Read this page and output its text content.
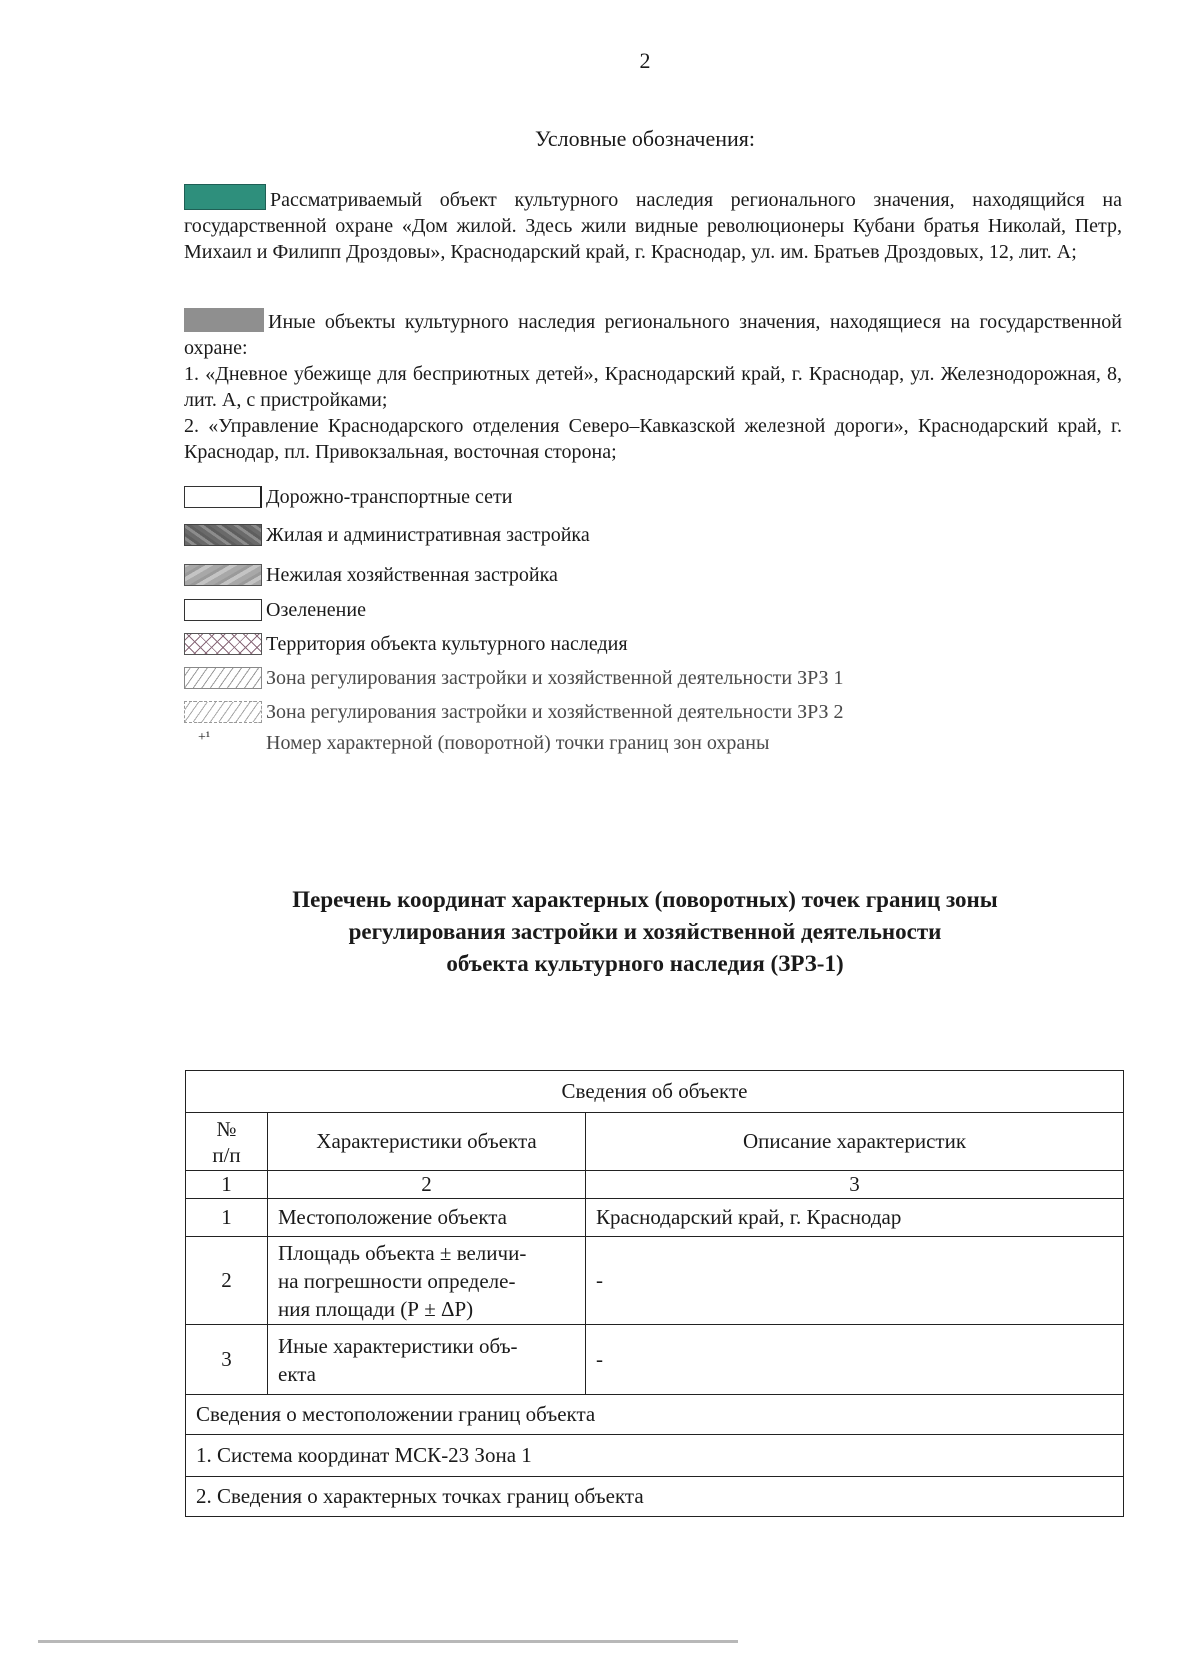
2
Условные обозначения:

Рассматриваемый объект культурного наследия регионального значения, находящийся на государственной охране «Дом жилой. Здесь жили видные революционеры Кубани братья Николай, Петр, Михаил и Филипп Дроздовы», Краснодарский край, г. Краснодар, ул. им. Братьев Дроздовых, 12, лит. А;

Иные объекты культурного наследия регионального значения, находящиеся на государственной охране:

1. «Дневное убежище для бесприютных детей», Краснодарский край, г. Краснодар, ул. Железнодорожная, 8, лит. А, с пристройками;

2. «Управление Краснодарского отделения Северо–Кавказской железной дороги», Краснодарский край, г. Краснодар, пл. Привокзальная, восточная сторона;

Дорожно-транспортные сети
Жилая и административная застройка
Нежилая хозяйственная застройка
Озеленение
Территория объекта культурного наследия
Зона регулирования застройки и хозяйственной деятельности ЗРЗ 1
Зона регулирования застройки и хозяйственной деятельности ЗРЗ 2
+¹	Номер характерной (поворотной) точки границ зон охраны
Перечень координат характерных (поворотных) точек границ зоны
регулирования застройки и хозяйственной деятельности
объекта культурного наследия (ЗРЗ-1)
Сведения об объекте		

№
п/п	Характеристики объекта	Описание характеристик
1	2	3
1	Местоположение объекта	Краснодарский край, г. Краснодар
2	Площадь объекта ± величи-
на погрешности определе-
ния площади (Р ± ΔР)	-
3	Иные характеристики объ-
екта	-
Сведения о местоположении границ объекта		
1. Система координат МСК-23 Зона 1		
2. Сведения о характерных точках границ объекта		
